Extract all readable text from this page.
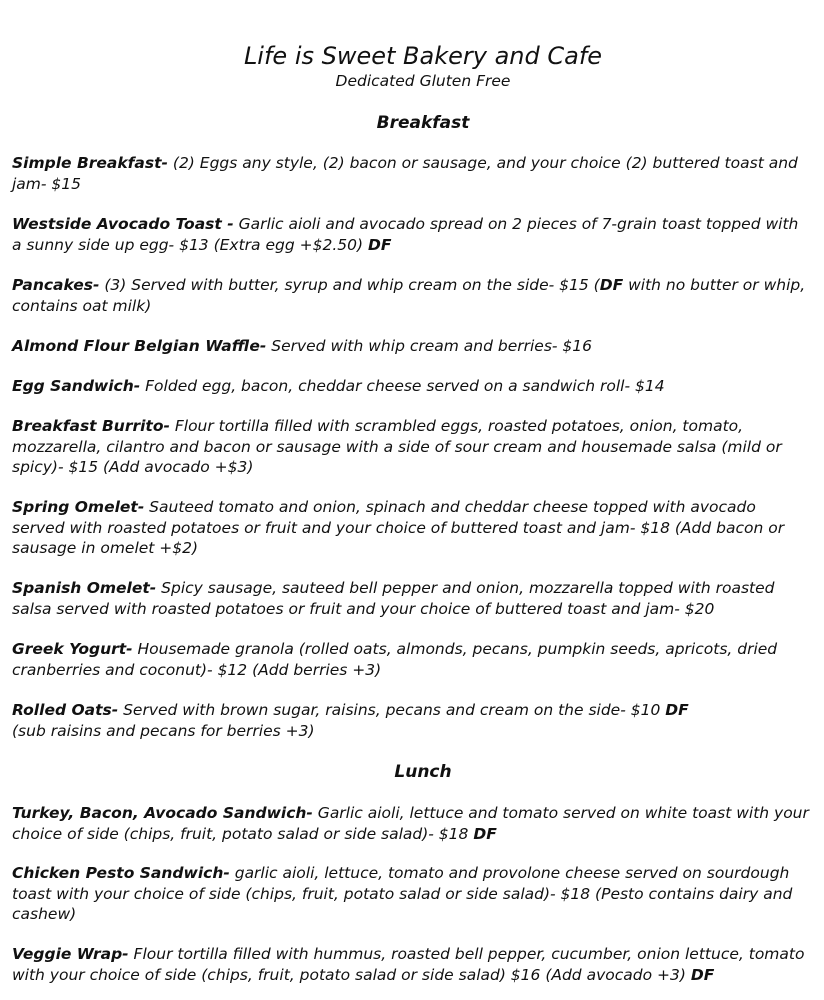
Life is Sweet Bakery and Cafe
Dedicated Gluten Free
Breakfast
Simple Breakfast- (2) Eggs any style, (2) bacon or sausage, and your choice (2) buttered toast and
jam- $15
Westside Avocado Toast - Garlic aioli and avocado spread on 2 pieces of 7-grain toast topped with
a sunny side up egg- $13 (Extra egg +$2.50) DF
Pancakes- (3) Served with butter, syrup and whip cream on the side- $15 (DF with no butter or whip,
contains oat milk)
Almond Flour Belgian Waffle- Served with whip cream and berries- $16
Egg Sandwich- Folded egg, bacon, cheddar cheese served on a sandwich roll- $14
Breakfast Burrito- Flour tortilla filled with scrambled eggs, roasted potatoes, onion, tomato,
mozzarella, cilantro and bacon or sausage with a side of sour cream and housemade salsa (mild or
spicy)- $15 (Add avocado +$3)
Spring Omelet- Sauteed tomato and onion, spinach and cheddar cheese topped with avocado
served with roasted potatoes or fruit and your choice of buttered toast and jam- $18 (Add bacon or
sausage in omelet +$2)
Spanish Omelet- Spicy sausage, sauteed bell pepper and onion, mozzarella topped with roasted
salsa served with roasted potatoes or fruit and your choice of buttered toast and jam- $20
Greek Yogurt- Housemade granola (rolled oats, almonds, pecans, pumpkin seeds, apricots, dried
cranberries and coconut)- $12 (Add berries +3)
Rolled Oats- Served with brown sugar, raisins, pecans and cream on the side- $10 DF
(sub raisins and pecans for berries +3)
Lunch
Turkey, Bacon, Avocado Sandwich- Garlic aioli, lettuce and tomato served on white toast with your
choice of side (chips, fruit, potato salad or side salad)- $18 DF
Chicken Pesto Sandwich- garlic aioli, lettuce, tomato and provolone cheese served on sourdough
toast with your choice of side (chips, fruit, potato salad or side salad)- $18 (Pesto contains dairy and
cashew)
Veggie Wrap- Flour tortilla filled with hummus, roasted bell pepper, cucumber, onion lettuce, tomato
with your choice of side (chips, fruit, potato salad or side salad) $16 (Add avocado +3) DF
